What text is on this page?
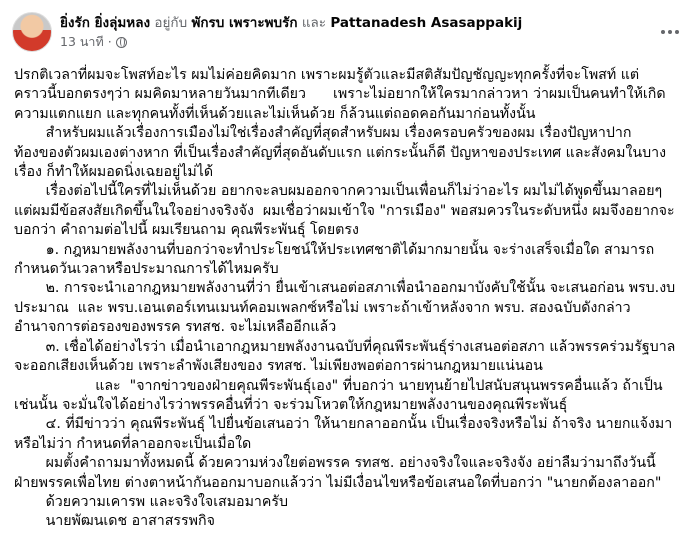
ยิ่งรัก ยิ่งลุ่มหลง อยู่กับ พักรบ เพราะพบรัก และ Pattanadesh Asasappakij
13 นาที ·

ปรกติเวลาที่ผมจะโพสท์อะไร ผมไม่ค่อยคิดมาก เพราะผมรู้ตัวและมีสติสัมปัญชัญญะทุกครั้งที่จะโพสท์ แต่

คราวนี้บอกตรงๆว่า ผมคิดมาหลายวันมากทีเดียว      เพราะไม่อยากให้ใครมากล่าวหา ว่าผมเป็นคนทำให้เกิด

ความแตกแยก และทุกคนทั้งที่เห็นด้วยและไม่เห็นด้วย ก็ล้วนแต่ถอดคอกันมาก่อนทั้งนั้น

สำหรับผมแล้วเรื่องการเมืองไม่ใช่เรื่องสำคัญที่สุดสำหรับผม เรื่องครอบครัวของผม เรื่องปัญหาปาก

ท้องของตัวผมเองต่างหาก ที่เป็นเรื่องสำคัญที่สุดอันดับแรก แต่กระนั้นก็ดี ปัญหาของประเทศ และสังคมในบาง

เรื่อง ก็ทำให้ผมอดนิ่งเฉยอยู่ไม่ได้

เรื่องต่อไปนี้ใครที่ไม่เห็นด้วย อยากจะลบผมออกจากความเป็นเพื่อนก็ไม่ว่าอะไร ผมไม่ได้พูดขึ้นมาลอยๆ

แต่ผมมีข้อสงสัยเกิดขึ้นในใจอย่างจริงจัง  ผมเชื่อว่าผมเข้าใจ "การเมือง" พอสมควรในระดับหนึ่ง ผมจึงอยากจะ

บอกว่า คำถามต่อไปนี้ ผมเรียนถาม คุณพีระพันธุ์ โดยตรง

๑. กฎหมายพลังงานที่บอกว่าจะทำประโยชน์ให้ประเทศชาติได้มากมายนั้น จะร่างเสร็จเมื่อใด สามารถ

กำหนดวันเวลาหรือประมาณการได้ไหมครับ

๒. การจะนำเอากฎหมายพลังงานที่ว่า ยื่นเข้าเสนอต่อสภาเพื่อนำออกมาบังคับใช้นั้น จะเสนอก่อน พรบ.งบ

ประมาณ  และ พรบ.เอนเตอร์เทนเมนท์คอมเพลกซ์หรือไม่ เพราะถ้าเข้าหลังจาก พรบ. สองฉบับดังกล่าว

อำนาจการต่อรองของพรรค รทสช. จะไม่เหลืออีกแล้ว

๓. เชื่อได้อย่างไรว่า เมื่อนำเอากฎหมายพลังงานฉบับที่คุณพีระพันธุ์ร่างเสนอต่อสภา แล้วพรรคร่วมรัฐบาล

จะออกเสียงเห็นด้วย เพราะลำพังเสียงของ รทสช. ไม่เพียงพอต่อการผ่านกฎหมายแน่นอน

และ  "จากข่าวของฝ่ายคุณพีระพันธุ์เอง" ที่บอกว่า นายทุนย้ายไปสนับสนุนพรรคอื่นแล้ว ถ้าเป็น

เช่นนั้น จะมั่นใจได้อย่างไรว่าพรรคอื่นที่ว่า จะร่วมโหวตให้กฎหมายพลังงานของคุณพีระพันธุ์

๔. ที่มีข่าวว่า คุณพีระพันธุ์ ไปยื่นข้อเสนอว่า ให้นายกลาออกนั้น เป็นเรื่องจริงหรือไม่ ถ้าจริง นายกแจ้งมา

หรือไม่ว่า กำหนดที่ลาออกจะเป็นเมื่อใด

ผมตั้งคำถามมาทั้งหมดนี้ ด้วยความห่วงใยต่อพรรค รทสช. อย่างจริงใจและจริงจัง อย่าลืมว่ามาถึงวันนี้

ฝ่ายพรรคเพื่อไทย ต่างตาหน้ากันออกมาบอกแล้วว่า ไม่มีเงื่อนไขหรือข้อเสนอใดที่บอกว่า "นายกต้องลาออก"

ด้วยความเคารพ และจริงใจเสมอมาครับ

นายพัฒนเดช อาสาสรรพกิจ
